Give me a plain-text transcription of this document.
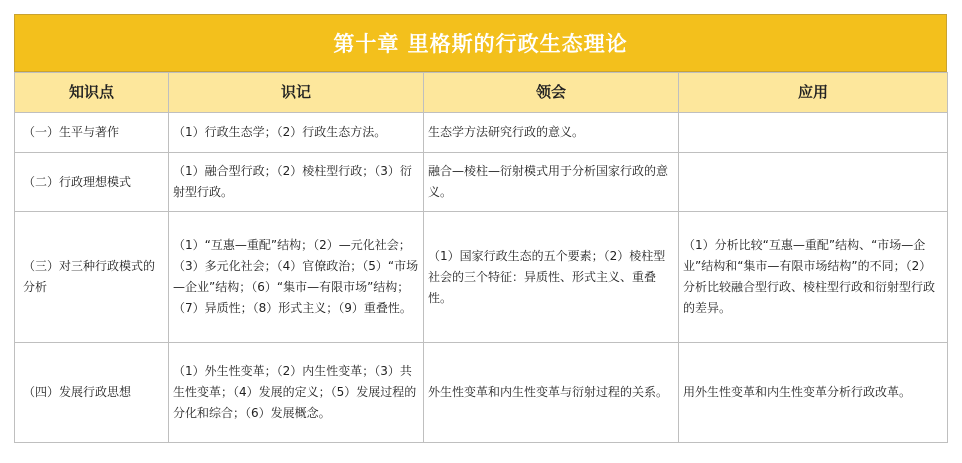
第十章 里格斯的行政生态理论
知识点	识记	领会	应用
（一）生平与著作	（1）行政生态学；（2）行政生态方法。	生态学方法研究行政的意义。	
（二）行政理想模式	（1）融合型行政；（2）棱柱型行政；（3）衍射型行政。	融合—棱柱—衍射模式用于分析国家行政的意义。	
（三）对三种行政模式的分析	（1）“互惠—重配”结构；（2）—元化社会；（3）多元化社会；（4）官僚政治；（5）“市场—企业”结构；（6）“集市—有限市场”结构；（7）异质性；（8）形式主义；（9）重叠性。	（1）国家行政生态的五个要素；（2）棱柱型社会的三个特征：异质性、形式主义、重叠性。	（1）分析比较“互惠—重配”结构、“市场—企业”结构和“集市—有限市场结构”的不同；（2）分析比较融合型行政、棱柱型行政和衍射型行政的差异。
（四）发展行政思想	（1）外生性变革；（2）内生性变革；（3）共生性变革；（4）发展的定义；（5）发展过程的分化和综合；（6）发展概念。	外生性变革和内生性变革与衍射过程的关系。	用外生性变革和内生性变革分析行政改革。
